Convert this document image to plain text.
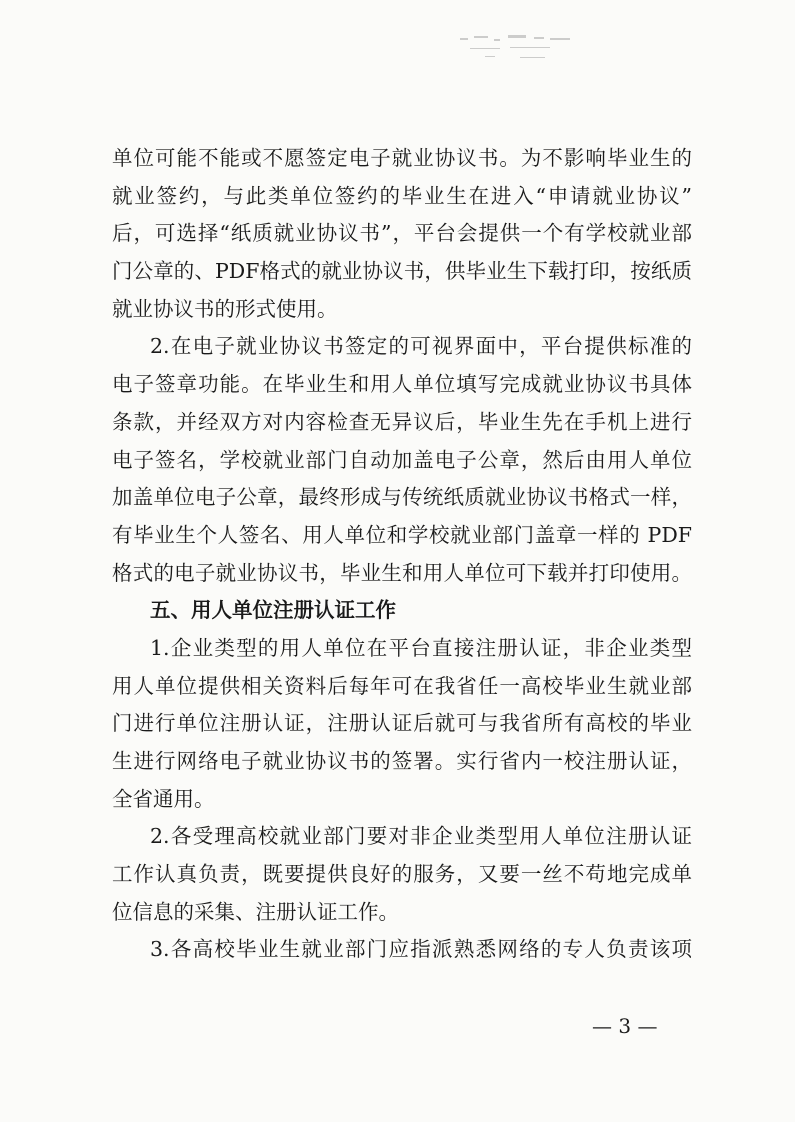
单位可能不能或不愿签定电子就业协议书。为不影响毕业生的
就业签约，与此类单位签约的毕业生在进入“申请就业协议”
后，可选择“纸质就业协议书”，平台会提供一个有学校就业部
门公章的、PDF格式的就业协议书，供毕业生下载打印，按纸质
就业协议书的形式使用。
2.在电子就业协议书签定的可视界面中，平台提供标准的
电子签章功能。在毕业生和用人单位填写完成就业协议书具体
条款，并经双方对内容检查无异议后，毕业生先在手机上进行
电子签名，学校就业部门自动加盖电子公章，然后由用人单位
加盖单位电子公章，最终形成与传统纸质就业协议书格式一样，
有毕业生个人签名、用人单位和学校就业部门盖章一样的 PDF
格式的电子就业协议书，毕业生和用人单位可下载并打印使用。
五、用人单位注册认证工作
1.企业类型的用人单位在平台直接注册认证，非企业类型
用人单位提供相关资料后每年可在我省任一高校毕业生就业部
门进行单位注册认证，注册认证后就可与我省所有高校的毕业
生进行网络电子就业协议书的签署。实行省内一校注册认证，
全省通用。
2.各受理高校就业部门要对非企业类型用人单位注册认证
工作认真负责，既要提供良好的服务，又要一丝不苟地完成单
位信息的采集、注册认证工作。
3.各高校毕业生就业部门应指派熟悉网络的专人负责该项
— 3 —
